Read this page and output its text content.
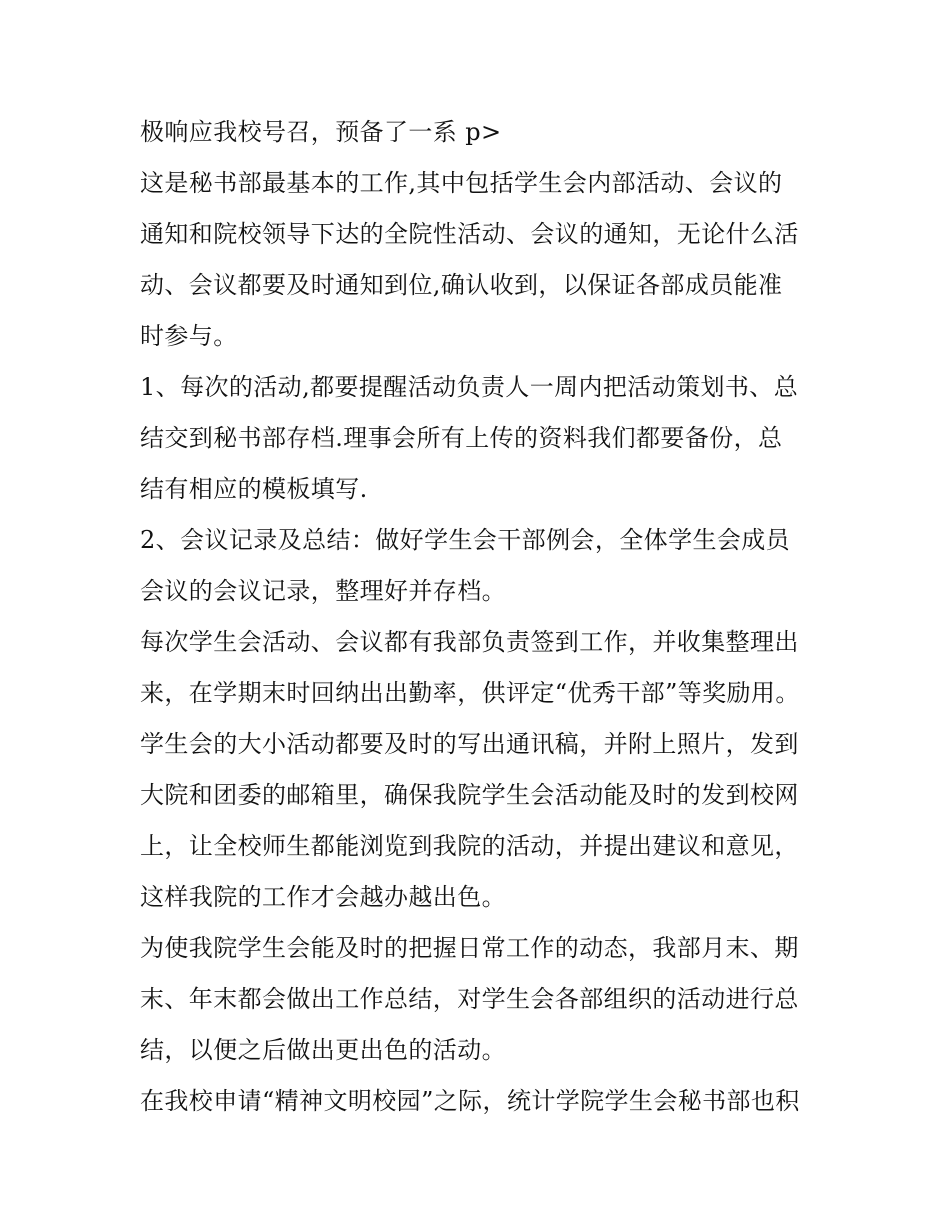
极响应我校号召，预备了一系 p>
这是秘书部最基本的工作,其中包括学生会内部活动、会议的
通知和院校领导下达的全院性活动、会议的通知，无论什么活
动、会议都要及时通知到位,确认收到，以保证各部成员能准
时参与。
1、每次的活动,都要提醒活动负责人一周内把活动策划书、总
结交到秘书部存档.理事会所有上传的资料我们都要备份，总
结有相应的模板填写.
2、会议记录及总结：做好学生会干部例会，全体学生会成员
会议的会议记录，整理好并存档。
每次学生会活动、会议都有我部负责签到工作，并收集整理出
来，在学期末时回纳出出勤率，供评定“优秀干部”等奖励用。
学生会的大小活动都要及时的写出通讯稿，并附上照片，发到
大院和团委的邮箱里，确保我院学生会活动能及时的发到校网
上，让全校师生都能浏览到我院的活动，并提出建议和意见，
这样我院的工作才会越办越出色。
为使我院学生会能及时的把握日常工作的动态，我部月末、期
末、年末都会做出工作总结，对学生会各部组织的活动进行总
结，以便之后做出更出色的活动。
在我校申请“精神文明校园”之际，统计学院学生会秘书部也积
